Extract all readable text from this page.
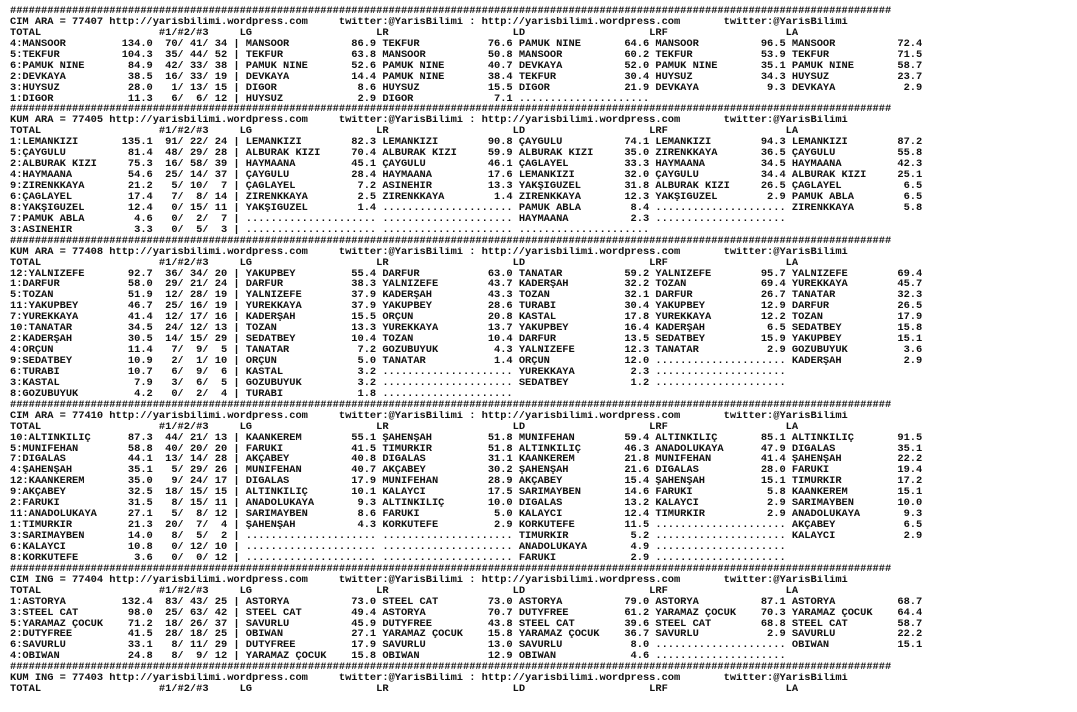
##############################################################################################################################################
CIM ARA = 77407 http://yarisbilimi.wordpress.com     twitter:@YarisBilimi : http://yarisbilimi.wordpress.com       twitter:@YarisBilimi
TOTAL                   #1/#2/#3     LG                    LR                    LD                    LRF                   LA
4:MANSOOR         134.0  70/ 41/ 34 | MANSOOR          86.9 TEKFUR           76.6 PAMUK NİNE       64.6 MANSOOR          96.5 MANSOOR          72.4
5:TEKFUR          104.3  35/ 44/ 52 | TEKFUR           63.8 MANSOOR          50.8 MANSOOR          60.2 TEKFUR           53.9 TEKFUR           71.5
6:PAMUK NİNE       84.9  42/ 33/ 38 | PAMUK NİNE       52.6 PAMUK NİNE       40.7 DEVKAYA          52.0 PAMUK NİNE       35.1 PAMUK NİNE       58.7
2:DEVKAYA          38.5  16/ 33/ 19 | DEVKAYA          14.4 PAMUK NİNE       38.4 TEKFUR           30.4 HUYSUZ           34.3 HUYSUZ           23.7
3:HUYSUZ           28.0   1/ 13/ 15 | DİGOR             8.6 HUYSUZ           15.5 DİGOR            21.9 DEVKAYA           9.3 DEVKAYA           2.9
1:DİGOR            11.3   6/  6/ 12 | HUYSUZ            2.9 DİGOR             7.1 .....................
##############################################################################################################################################
KUM ARA = 77405 http://yarisbilimi.wordpress.com     twitter:@YarisBilimi : http://yarisbilimi.wordpress.com       twitter:@YarisBilimi
TOTAL                   #1/#2/#3     LG                    LR                    LD                    LRF                   LA
1:LEMANKIZI       135.1  91/ 22/ 24 | LEMANKIZI        82.3 LEMANKIZI        90.8 ÇAYGÜLÜ          74.1 LEMANKIZI        94.3 LEMANKIZI        87.2
5:ÇAYGÜLÜ          81.4  48/ 29/ 28 | ALBURAK KIZI     70.4 ALBURAK KIZI     59.9 ALBURAK KIZI     35.0 ZİRENKKAYA       36.5 ÇAYGÜLÜ          55.8
2:ALBURAK KIZI     75.3  16/ 58/ 39 | HAYMAANA         45.1 ÇAYGÜLÜ          46.1 ÇAĞLAYEL         33.3 HAYMAANA         34.5 HAYMAANA         42.3
4:HAYMAANA         54.6  25/ 14/ 37 | ÇAYGÜLÜ          28.4 HAYMAANA         17.6 LEMANKIZI        32.0 ÇAYGÜLÜ          34.4 ALBURAK KIZI     25.1
9:ZİRENKKAYA       21.2   5/ 10/  7 | ÇAĞLAYEL          7.2 ASİNEHİR         13.3 YAKŞIGÜZEL       31.8 ALBURAK KIZI     26.5 ÇAĞLAYEL          6.5
6:ÇAĞLAYEL         17.4   7/  8/ 14 | ZİRENKKAYA        2.5 ZİRENKKAYA        1.4 ZİRENKKAYA       12.3 YAKŞIGÜZEL        2.9 PAMUK ABLA        6.5
8:YAKŞIGÜZEL       12.4   0/ 15/ 11 | YAKŞIGÜZEL        1.4 ..................... PAMUK ABLA        8.4 ..................... ZİRENKKAYA        5.8
7:PAMUK ABLA        4.6   0/  2/  7 | ..................... ..................... HAYMAANA          2.3 .....................
3:ASİNEHİR          3.3   0/  5/  3 | ..................... ..................... .....................
##############################################################################################################################################
KUM ARA = 77408 http://yarisbilimi.wordpress.com     twitter:@YarisBilimi : http://yarisbilimi.wordpress.com       twitter:@YarisBilimi
TOTAL                   #1/#2/#3     LG                    LR                    LD                    LRF                   LA
12:YALNIZEFE       92.7  36/ 34/ 20 | YAKUPBEY         55.4 DARFUR           63.0 TANATAR          59.2 YALNIZEFE        95.7 YALNIZEFE        69.4
1:DARFUR           58.0  29/ 21/ 24 | DARFUR           38.3 YALNIZEFE        43.7 KADERŞAH         32.2 TOZAN            69.4 YÜREKKAYA        45.7
5:TOZAN            51.9  12/ 28/ 19 | YALNIZEFE        37.9 KADERŞAH         43.3 TOZAN            32.1 DARFUR           26.7 TANATAR          32.3
11:YAKUPBEY        46.7  25/ 16/ 19 | YÜREKKAYA        37.9 YAKUPBEY         28.6 TURABİ           30.4 YAKUPBEY         12.9 DARFUR           26.5
7:YÜREKKAYA        41.4  12/ 17/ 16 | KADERŞAH         15.5 ORÇUN            20.8 KASTAL           17.8 YÜREKKAYA        12.2 TOZAN            17.9
10:TANATAR         34.5  24/ 12/ 13 | TOZAN            13.3 YÜREKKAYA        13.7 YAKUPBEY         16.4 KADERŞAH          6.5 SEDATBEY         15.8
2:KADERŞAH         30.5  14/ 15/ 29 | SEDATBEY         10.4 TOZAN            10.4 DARFUR           13.5 SEDATBEY         15.9 YAKUPBEY         15.1
4:ORÇUN            11.4   7/  9/  5 | TANATAR           7.2 GÖZÜBÜYÜK         4.3 YALNIZEFE        12.3 TANATAR           2.9 GÖZÜBÜYÜK         3.6
9:SEDATBEY         10.9   2/  1/ 10 | ORÇUN             5.0 TANATAR           1.4 ORÇUN            12.0 ..................... KADERŞAH          2.9
6:TURABİ           10.7   6/  9/  6 | KASTAL            3.2 ..................... YÜREKKAYA         2.3 .....................
3:KASTAL            7.9   3/  6/  5 | GÖZÜBÜYÜK         3.2 ..................... SEDATBEY          1.2 .....................
8:GÖZÜBÜYÜK         4.2   0/  2/  4 | TURABİ            1.8 .....................
##############################################################################################################################################
CIM ARA = 77410 http://yarisbilimi.wordpress.com     twitter:@YarisBilimi : http://yarisbilimi.wordpress.com       twitter:@YarisBilimi
TOTAL                   #1/#2/#3     LG                    LR                    LD                    LRF                   LA
10:ALTINKILIÇ      87.3  44/ 21/ 13 | KAANKEREM        55.1 ŞAHENŞAH         51.8 MÜNİFEHAN        59.4 ALTINKILIÇ       85.1 ALTINKILIÇ       91.5
5:MÜNİFEHAN        58.8  40/ 20/ 20 | FARUKİ           41.5 TİMURKIR         51.8 ALTINKILIÇ       46.3 ANADOLUKAYA      47.9 DİGALAS          35.1
7:DİGALAS          44.1  13/ 14/ 28 | AKÇABEY          40.8 DİGALAS          31.1 KAANKEREM        21.8 MÜNİFEHAN        41.4 ŞAHENŞAH         22.2
4:ŞAHENŞAH         35.1   5/ 29/ 26 | MÜNİFEHAN        40.7 AKÇABEY          30.2 ŞAHENŞAH         21.6 DİGALAS          28.0 FARUKİ           19.4
12:KAANKEREM       35.0   9/ 24/ 17 | DİGALAS          17.9 MÜNİFEHAN        28.9 AKÇABEY          15.4 ŞAHENŞAH         15.1 TİMURKIR         17.2
9:AKÇABEY          32.5  18/ 15/ 15 | ALTINKILIÇ       10.1 KALAYCI          17.5 SARIMAYBEN       14.6 FARUKİ            5.8 KAANKEREM        15.1
2:FARUKİ           31.5   8/ 15/ 11 | ANADOLUKAYA       9.3 ALTINKILIÇ       10.0 DİGALAS          13.2 KALAYCI           2.9 SARIMAYBEN       10.0
11:ANADOLUKAYA     27.1   5/  8/ 12 | SARIMAYBEN        8.6 FARUKİ            5.0 KALAYCI          12.4 TİMURKIR          2.9 ANADOLUKAYA       9.3
1:TİMURKIR         21.3  20/  7/  4 | ŞAHENŞAH          4.3 KORKUTEFE         2.9 KORKUTEFE        11.5 ..................... AKÇABEY           6.5
3:SARIMAYBEN       14.0   8/  5/  2 | ..................... ..................... TİMURKIR          5.2 ..................... KALAYCI           2.9
6:KALAYCI          10.8   0/ 12/ 10 | ..................... ..................... ANADOLUKAYA       4.9 .....................
8:KORKUTEFE         3.6   0/  0/ 12 | ..................... ..................... FARUKİ            2.9 .....................
##############################################################################################################################################
CIM ING = 77404 http://yarisbilimi.wordpress.com     twitter:@YarisBilimi : http://yarisbilimi.wordpress.com       twitter:@YarisBilimi
TOTAL                   #1/#2/#3     LG                    LR                    LD                    LRF                   LA
1:ASTORYA         132.4  83/ 43/ 25 | ASTORYA          73.0 STEEL CAT        73.0 ASTORYA          79.0 ASTORYA          87.1 ASTORYA          68.7
3:STEEL CAT        98.0  25/ 63/ 42 | STEEL CAT        49.4 ASTORYA          70.7 DUTYFREE         61.2 YARAMAZ ÇOCUK    70.3 YARAMAZ ÇOCUK    64.4
5:YARAMAZ ÇOCUK    71.2  18/ 26/ 37 | SAVURLU          45.9 DUTYFREE         43.8 STEEL CAT        39.6 STEEL CAT        68.8 STEEL CAT        58.7
2:DUTYFREE         41.5  28/ 18/ 25 | OBIWAN           27.1 YARAMAZ ÇOCUK    15.8 YARAMAZ ÇOCUK    36.7 SAVURLU           2.9 SAVURLU          22.2
6:SAVURLU          33.1   8/ 11/ 29 | DUTYFREE         17.9 SAVURLU          13.0 SAVURLU           8.0 ..................... OBIWAN           15.1
4:OBIWAN           24.8   8/  9/ 12 | YARAMAZ ÇOCUK    15.8 OBIWAN           12.9 OBIWAN            4.6 .....................
##############################################################################################################################################
KUM ING = 77403 http://yarisbilimi.wordpress.com     twitter:@YarisBilimi : http://yarisbilimi.wordpress.com       twitter:@YarisBilimi
TOTAL                   #1/#2/#3     LG                    LR                    LD                    LRF                   LA
